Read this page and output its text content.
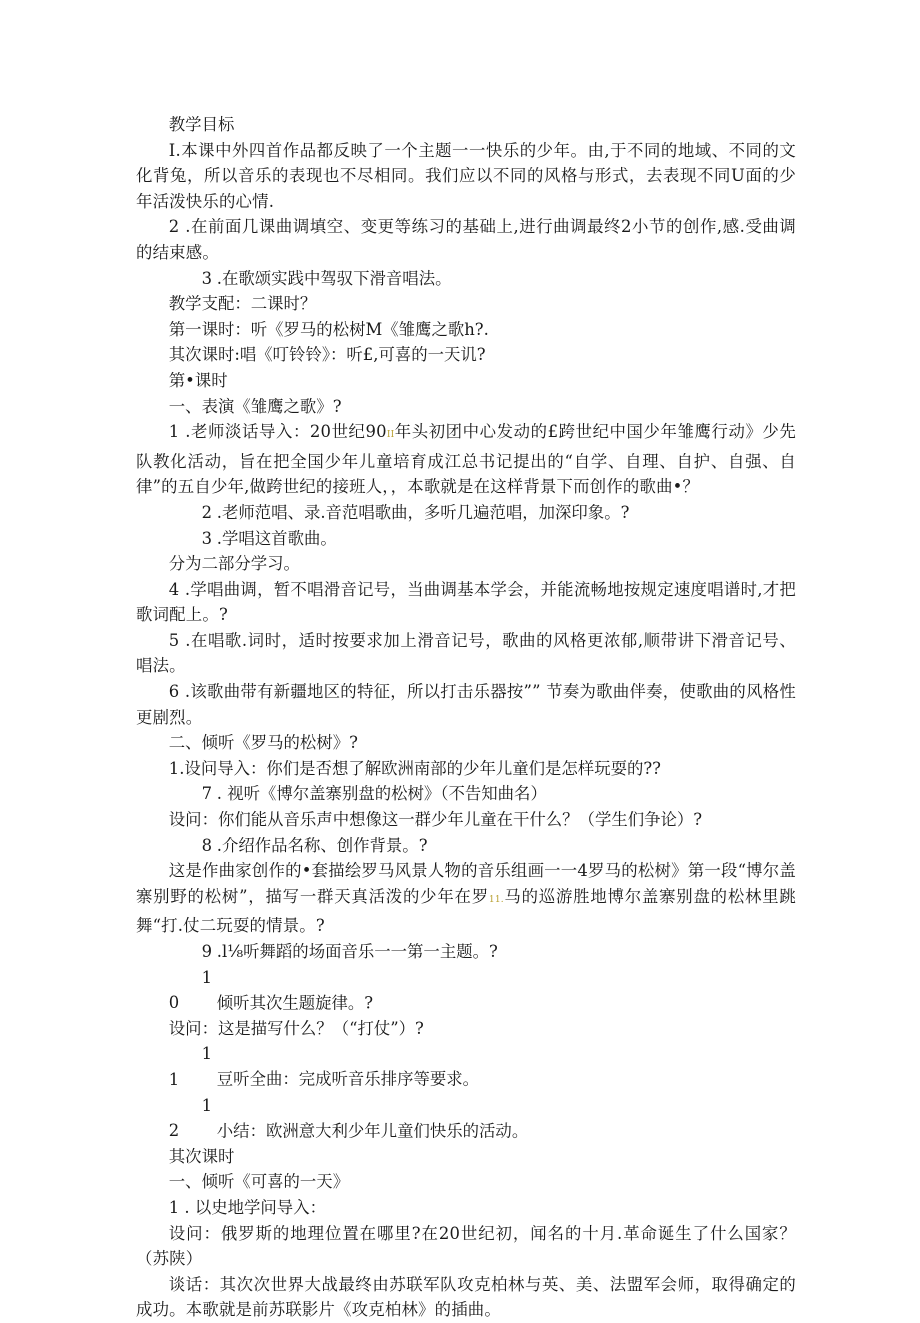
教学目标

I.本课中外四首作品都反映了一个主题一一快乐的少年。由,于不同的地域、不同的文化背兔，所以音乐的表现也不尽相同。我们应以不同的风格与形式，去表现不同U面的少年活泼快乐的心情.

2 .在前面几课曲调填空、变更等练习的基础上,进行曲调最终2小节的创作,感.受曲调的结束感。

3 .在歌颂实践中驾驭下滑音唱法。

教学支配：二课时？

第一课时：听《罗马的松树M《雏鹰之歌h?.

其次课时:唱《叮铃铃》：听£,可喜的一天讥?

第•课时

一、表演《雏鹰之歌》?

1 .老师淡话导入：20世纪90II年头初团中心发动的£跨世纪中国少年雏鹰行动》少先队教化活动，旨在把全国少年儿童培育成江总书记提出的“自学、自理、自护、自强、自律”的五自少年,做跨世纪的接班人，，本歌就是在这样背景下而创作的歌曲•？

2 .老师范唱、录.音范唱歌曲，多听几遍范唱，加深印象。?

3 .学唱这首歌曲。

分为二部分学习。

4 .学唱曲调，暂不唱滑音记号，当曲调基本学会，并能流畅地按规定速度唱谱时,才把歌词配上。?

5 .在唱歌.词时，适时按要求加上滑音记号，歌曲的风格更浓郁,顺带讲下滑音记号、唱法。

6 .该歌曲带有新疆地区的特征，所以打击乐器按”” 节奏为歌曲伴奏，使歌曲的风格性更剧烈。

二、倾听《罗马的松树》?

1.设问导入：你们是否想了解欧洲南部的少年儿童们是怎样玩耍的??

7 . 视听《博尔盖寨别盘的松树》（不告知曲名）

设问：你们能从音乐声中想像这一群少年儿童在干什么？（学生们争论）?

8 .介绍作品名称、创作背景。?

这是作曲家创作的•套描绘罗马风景人物的音乐组画一一4罗马的松树》第一段“博尔盖寨别野的松树”，描写一群天真活泼的少年在罗11.马的巡游胜地博尔盖寨别盘的松林里跳舞“打.仗二玩耍的情景。?

9 .l⅛听舞蹈的场面音乐一一第一主题。?

10 倾听其次生题旋律。?

设问：这是描写什么？（“打仗”）?

11 豆听全曲：完成听音乐排序等要求。

12 小结：欧洲意大利少年儿童们快乐的活动。

其次课时

一、倾听《可喜的一天》

1 . 以史地学问导入：

设问：俄罗斯的地理位置在哪里?在20世纪初，闻名的十月.革命诞生了什么国家？（苏陕）

谈话：其次次世界大战最终由苏联军队攻克柏林与英、美、法盟军会师，取得确定的成功。本歌就是前苏联影片《攻克柏林》的插曲。
